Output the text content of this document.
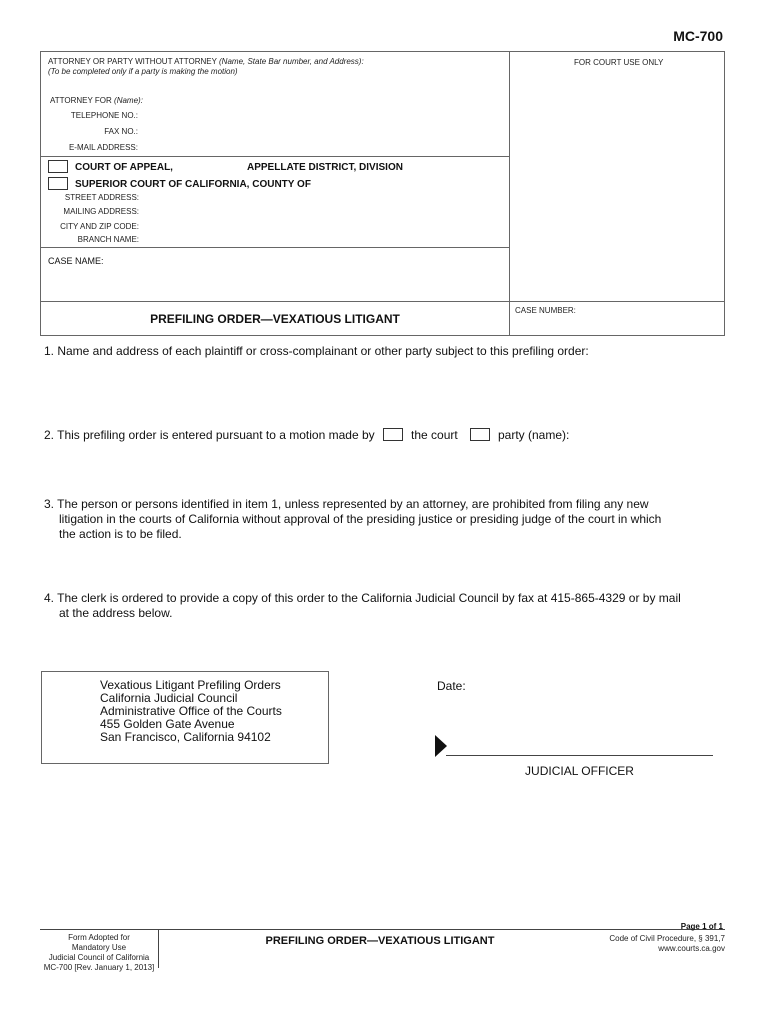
MC-700
ATTORNEY OR PARTY WITHOUT ATTORNEY (Name, State Bar number, and Address):
(To be completed only if a party is making the motion)
ATTORNEY FOR (Name):
TELEPHONE NO.:
FAX NO.:
E-MAIL ADDRESS:
FOR COURT USE ONLY
COURT OF APPEAL,	APPELLATE DISTRICT, DIVISION
SUPERIOR COURT OF CALIFORNIA, COUNTY OF
STREET ADDRESS:
MAILING ADDRESS:
CITY AND ZIP CODE:
BRANCH NAME:
CASE NAME:
PREFILING ORDER—VEXATIOUS LITIGANT
CASE NUMBER:
1. Name and address of each plaintiff or cross-complainant or other party subject to this prefiling order:
2. This prefiling order is entered pursuant to a motion made by	the court	party (name):
3. The person or persons identified in item 1, unless represented by an attorney, are prohibited from filing any new
litigation in the courts of California without approval of the presiding justice or presiding judge of the court in which
the action is to be filed.
4. The clerk is ordered to provide a copy of this order to the California Judicial Council by fax at 415-865-4329 or by mail
at the address below.
Vexatious Litigant Prefiling Orders
California Judicial Council
Administrative Office of the Courts
455 Golden Gate Avenue
San Francisco, California 94102
Date:
JUDICIAL OFFICER
Page 1 of 1
Form Adopted for
Mandatory Use
Judicial Council of California
MC-700 [Rev. January 1, 2013]
PREFILING ORDER—VEXATIOUS LITIGANT	Code of Civil Procedure, § 391,7
www.courts.ca.gov
